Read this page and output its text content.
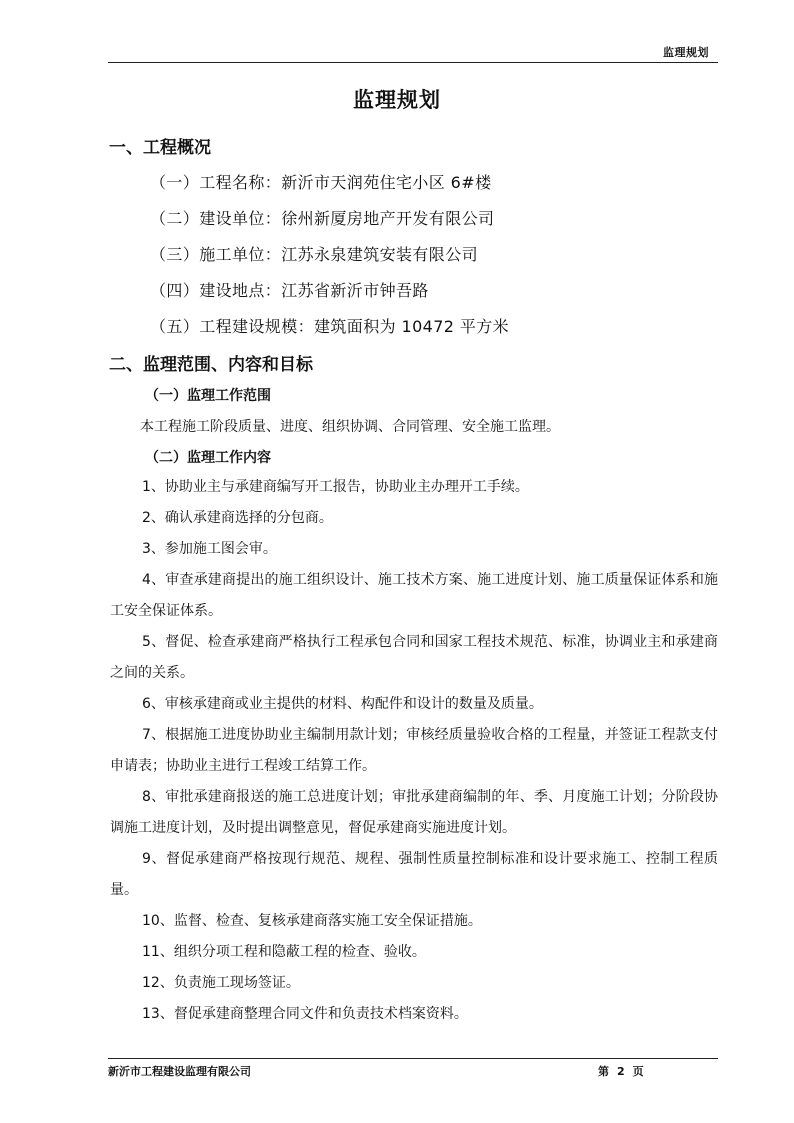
监理规划
监理规划
一、工程概况
（一）工程名称：新沂市天润苑住宅小区 6#楼
（二）建设单位：徐州新厦房地产开发有限公司
（三）施工单位：江苏永泉建筑安装有限公司
（四）建设地点：江苏省新沂市钟吾路
（五）工程建设规模：建筑面积为 10472 平方米
二、监理范围、内容和目标
（一）监理工作范围
本工程施工阶段质量、进度、组织协调、合同管理、安全施工监理。
（二）监理工作内容

1、协助业主与承建商编写开工报告，协助业主办理开工手续。

2、确认承建商选择的分包商。

3、参加施工图会审。

4、审查承建商提出的施工组织设计、施工技术方案、施工进度计划、施工质量保证体系和施工安全保证体系。

5、督促、检查承建商严格执行工程承包合同和国家工程技术规范、标准，协调业主和承建商之间的关系。

6、审核承建商或业主提供的材料、构配件和设计的数量及质量。

7、根据施工进度协助业主编制用款计划；审核经质量验收合格的工程量，并签证工程款支付申请表；协助业主进行工程竣工结算工作。

8、审批承建商报送的施工总进度计划；审批承建商编制的年、季、月度施工计划；分阶段协调施工进度计划，及时提出调整意见，督促承建商实施进度计划。

9、督促承建商严格按现行规范、规程、强制性质量控制标准和设计要求施工、控制工程质量。

10、监督、检查、复核承建商落实施工安全保证措施。

11、组织分项工程和隐蔽工程的检查、验收。

12、负责施工现场签证。

13、督促承建商整理合同文件和负责技术档案资料。

新沂市工程建设监理有限公司	第 2 页
